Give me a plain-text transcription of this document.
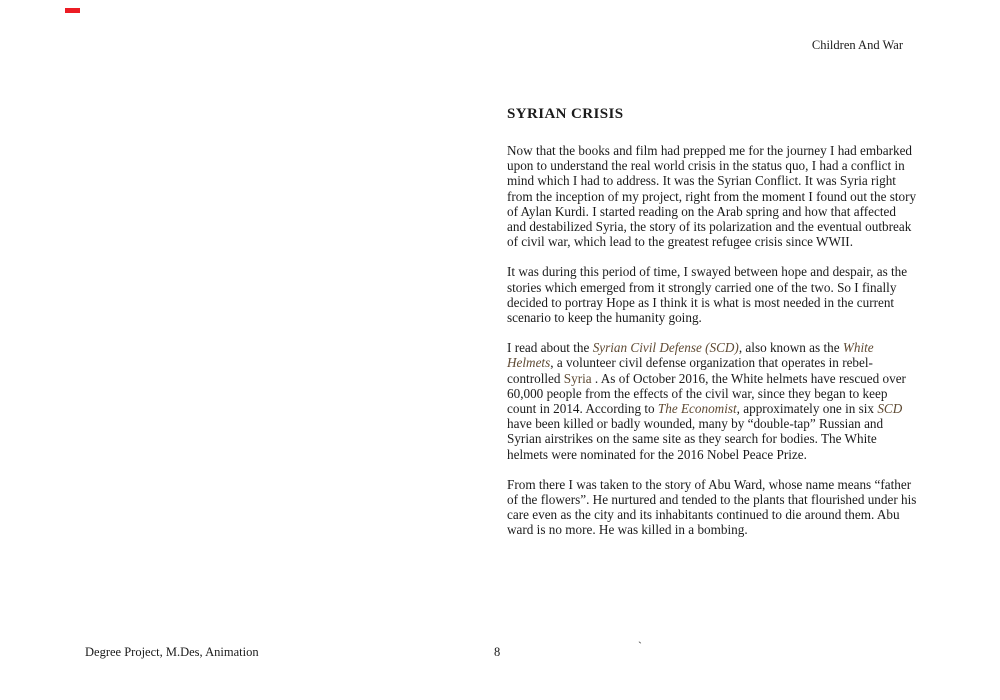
Children And War
SYRIAN CRISIS

Now that the books and film had prepped me for the journey I had embarked upon to understand the real world crisis in the status quo, I had a conflict in mind which I had to address. It was the Syrian Conflict. It was Syria right from the inception of my project, right from the moment I found out the story of Aylan Kurdi. I started reading on the Arab spring and how that affected and destabilized Syria, the story of its polarization and the eventual outbreak of civil war, which lead to the greatest refugee crisis since WWII.

It was during this period of time, I swayed between hope and despair, as the stories which emerged from it strongly carried one of the two. So I finally decided to portray Hope as I think it is what is most needed in the current scenario to keep the humanity going.

I read about the Syrian Civil Defense (SCD), also known as the White Helmets, a volunteer civil defense organization that operates in rebel-controlled Syria . As of October 2016, the White helmets have rescued over 60,000 people from the effects of the civil war, since they began to keep count in 2014. According to The Economist, approximately one in six SCD have been killed or badly wounded, many by “double-tap” Russian and Syrian airstrikes on the same site as they search for bodies. The White helmets were nominated for the 2016 Nobel Peace Prize.

From there I was taken to the story of Abu Ward, whose name means “father of the flowers”. He nurtured and tended to the plants that flourished under his care even as the city and its inhabitants continued to die around them. Abu ward is no more. He was killed in a bombing.

Degree Project, M.Des, Animation	8	`
